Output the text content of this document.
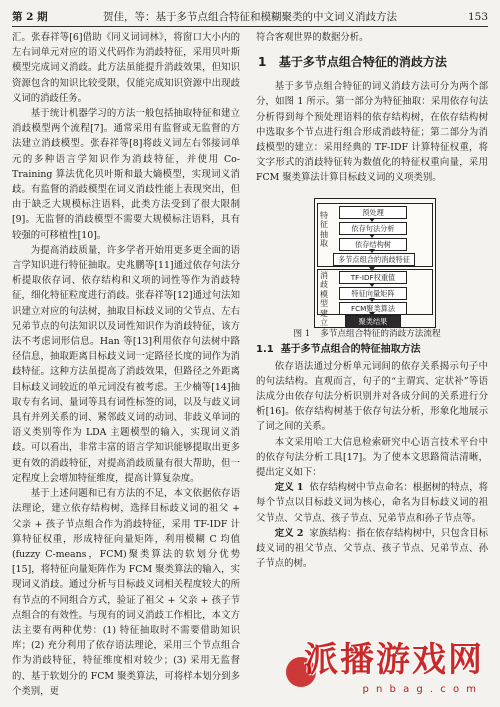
第 2 期	贺佳，等：基于多节点组合特征和模糊聚类的中文词义消歧方法	153

汇。张春祥等[6]借助《同义词词林》，将窗口大小内的左右词单元对应的语义代码作为消歧特征，采用贝叶斯模型完成词义消歧。此方法虽能提升消歧效果，但知识资源包含的知识比较受限，仅能完成知识资源中出现歧义词的消歧任务。

基于统计机器学习的方法一般包括抽取特征和建立消歧模型两个流程[7]。通常采用有监督或无监督的方法建立消歧模型。张春祥等[8]将歧义词左右邻接词单元的多种语言学知识作为消歧特征，并使用 Co-Training 算法优化贝叶斯和最大熵模型，实现词义消歧。有监督的消歧模型在词义消歧性能上表现突出，但由于缺乏大规模标注语料，此类方法受到了很大限制[9]。无监督的消歧模型不需要大规模标注语料，具有较强的可移植性[10]。

为提高消歧质量，许多学者开始用更多更全面的语言学知识进行特征抽取。史兆鹏等[11]通过依存句法分析提取依存词、依存结构和义项的词性等作为消歧特征，细化特征粒度进行消歧。张春祥等[12]通过句法知识建立对应的句法树，抽取目标歧义词的父节点、左右兄弟节点的句法知识以及词性知识作为消歧特征，该方法不考虑词形信息。Han 等[13]利用依存句法树中路径信息，抽取距离目标歧义词一定路径长度的词作为消歧特征。这种方法虽提高了消歧效果，但路径之外距离目标歧义词较近的单元词没有被考虑。王少楠等[14]抽取专有名词、量词等具有词性标签的词，以及与歧义词具有并列关系的词、紧邻歧义词的动词、非歧义单词的语义类别等作为 LDA 主题模型的输入，实现词义消歧。可以看出，非常丰富的语言学知识能够提取出更多更有效的消歧特征，对提高消歧质量有很大帮助，但一定程度上会增加特征维度，提高计算复杂度。

基于上述问题和已有方法的不足，本文依据依存语法理论，建立依存结构树，选择目标歧义词的祖父 + 父亲 + 孩子节点组合作为消歧特征，采用 TF-IDF 计算特征权重，形成特征向量矩阵，利用模糊 C 均值(fuzzy C-means，FCM)聚类算法的软划分优势[15]，将特征向量矩阵作为 FCM 聚类算法的输入，实现词义消歧。通过分析与目标歧义词相关程度较大的所有节点的不同组合方式，验证了祖父 + 父亲 + 孩子节点组合的有效性。与现有的词义消歧工作相比，本文方法主要有两种优势：(1) 特征抽取时不需要借助知识库；(2) 充分利用了依存语法理论，采用三个节点组合作为消歧特征，特征维度相对较少；(3) 采用无监督的、基于软划分的 FCM 聚类算法，可将样本划分到多个类别，更

符合客观世界的数据分析。

1 基于多节点组合特征的消歧方法

基于多节点组合特征的词义消歧方法可分为两个部分，如图 1 所示。第一部分为特征抽取：采用依存句法分析得到每个预处理语料的依存结构树，在依存结构树中选取多个节点进行组合形成消歧特征；第二部分为消歧模型的建立：采用经典的 TF-IDF 计算特征权重，将文字形式的消歧特征转为数值化的特征权重向量，采用 FCM 聚类算法计算目标歧义词的义项类别。

特征抽取
消歧模型建立
预处理
依存句法分析
依存结构树
多节点组合的消歧特征
TF-IDF权重值
特征向量矩阵
FCM聚类算法
聚类结果
图 1 多节点组合特征的消歧方法流程
1.1 基于多节点组合的特征抽取方法

依存语法通过分析单元词间的依存关系揭示句子中的句法结构。直观而言，句子的“主谓宾、定状补”等语法成分由依存句法分析识别并对各成分间的关系进行分析[16]。依存结构树基于依存句法分析，形象化地展示了词之间的关系。

本文采用哈工大信息检索研究中心语言技术平台中的依存句法分析工具[17]。为了使本文思路简洁清晰，提出定义如下：

定义 1 依存结构树中节点命名：根据树的特点，将每个节点以目标歧义词为核心，命名为目标歧义词的祖父节点、父节点、孩子节点、兄弟节点和孙子节点等。

定义 2 家族结构：指在依存结构树中，只包含目标歧义词的祖父节点、父节点、孩子节点、兄弟节点、孙子节点的树。

派播游戏网
p n b a g . c o m
